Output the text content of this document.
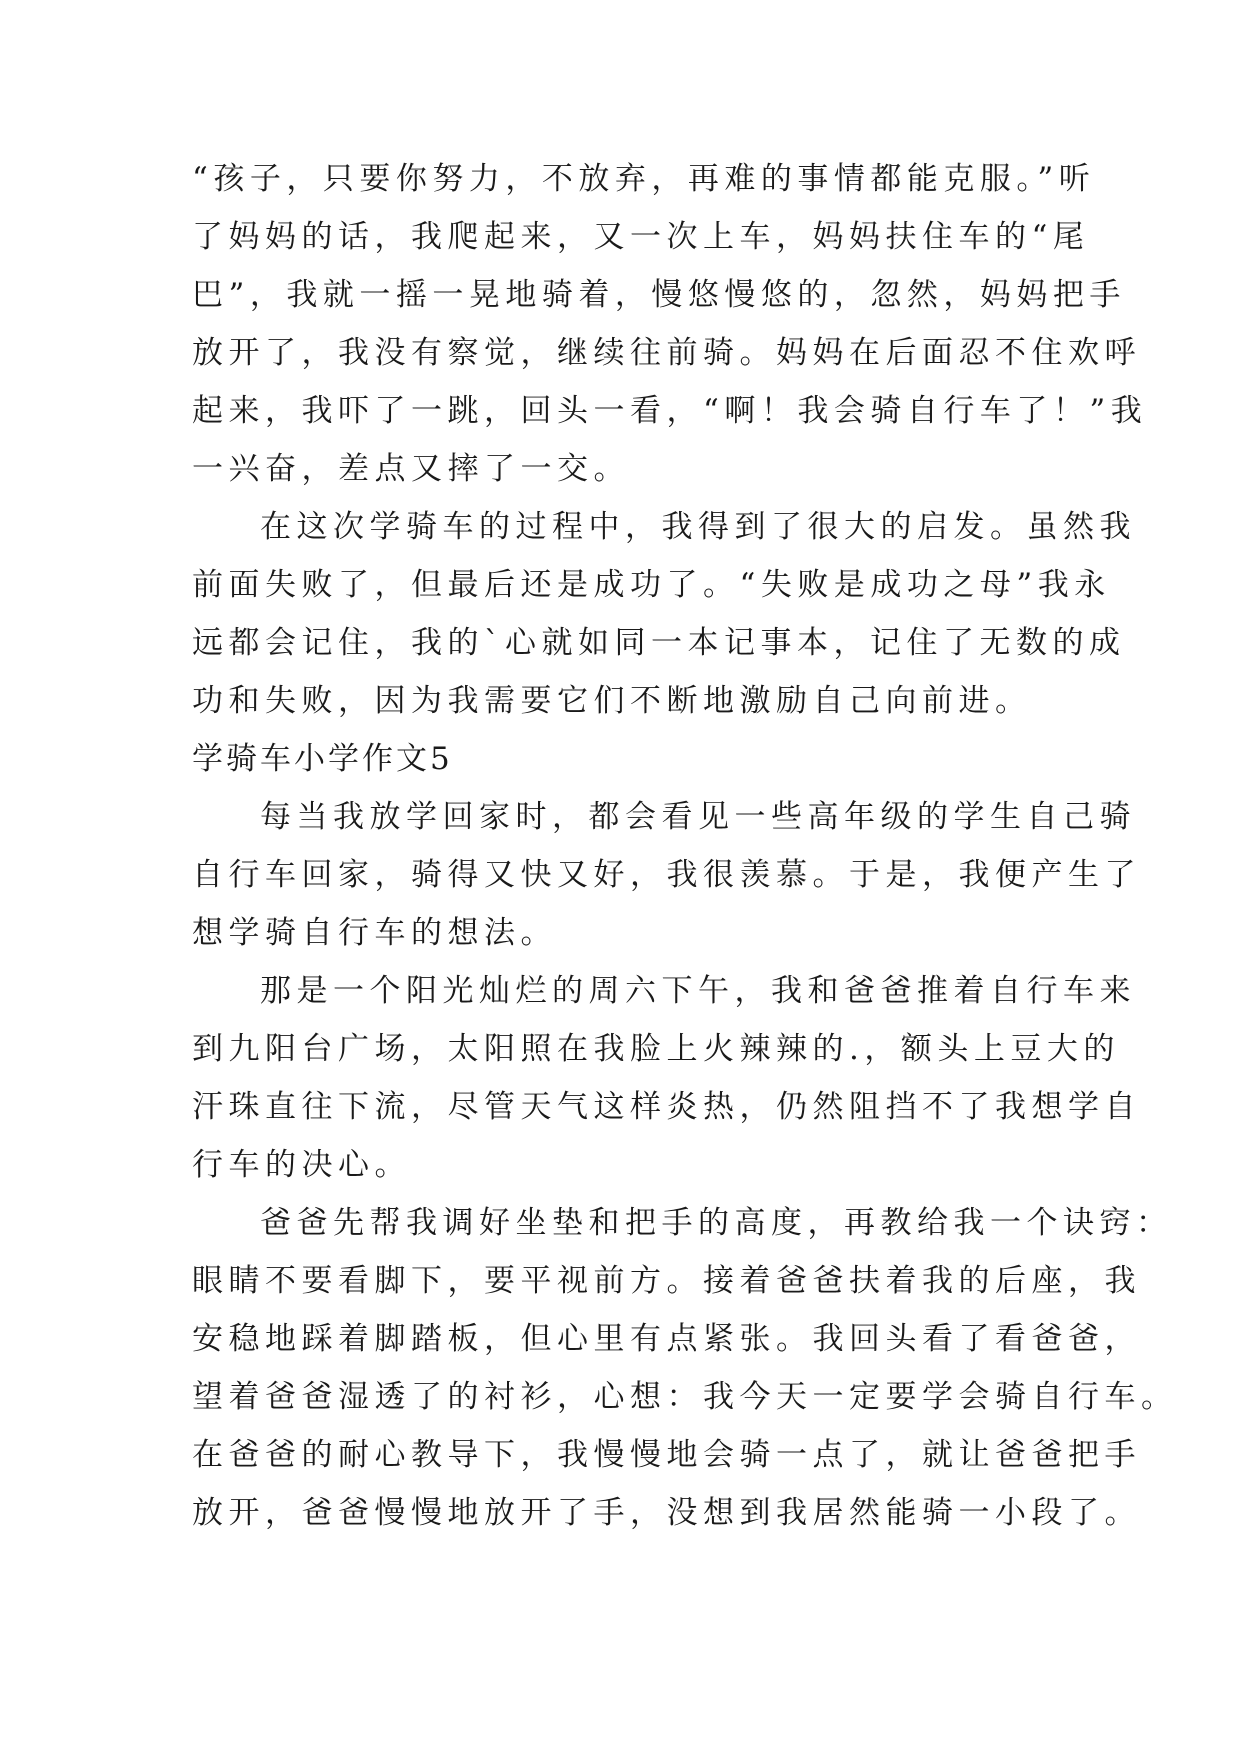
“孩子，只要你努力，不放弃，再难的事情都能克服。”听
了妈妈的话，我爬起来，又一次上车，妈妈扶住车的“尾
巴”，我就一摇一晃地骑着，慢悠慢悠的，忽然，妈妈把手
放开了，我没有察觉，继续往前骑。妈妈在后面忍不住欢呼
起来，我吓了一跳，回头一看，“啊！我会骑自行车了！”我
一兴奋，差点又摔了一交。
在这次学骑车的过程中，我得到了很大的启发。虽然我
前面失败了，但最后还是成功了。“失败是成功之母”我永
远都会记住，我的`心就如同一本记事本，记住了无数的成
功和失败，因为我需要它们不断地激励自己向前进。
学骑车小学作文5
每当我放学回家时，都会看见一些高年级的学生自己骑
自行车回家，骑得又快又好，我很羡慕。于是，我便产生了
想学骑自行车的想法。
那是一个阳光灿烂的周六下午，我和爸爸推着自行车来
到九阳台广场，太阳照在我脸上火辣辣的.，额头上豆大的
汗珠直往下流，尽管天气这样炎热，仍然阻挡不了我想学自
行车的决心。
爸爸先帮我调好坐垫和把手的高度，再教给我一个诀窍：
眼睛不要看脚下，要平视前方。接着爸爸扶着我的后座，我
安稳地踩着脚踏板，但心里有点紧张。我回头看了看爸爸，
望着爸爸湿透了的衬衫，心想：我今天一定要学会骑自行车。
在爸爸的耐心教导下，我慢慢地会骑一点了，就让爸爸把手
放开，爸爸慢慢地放开了手，没想到我居然能骑一小段了。
